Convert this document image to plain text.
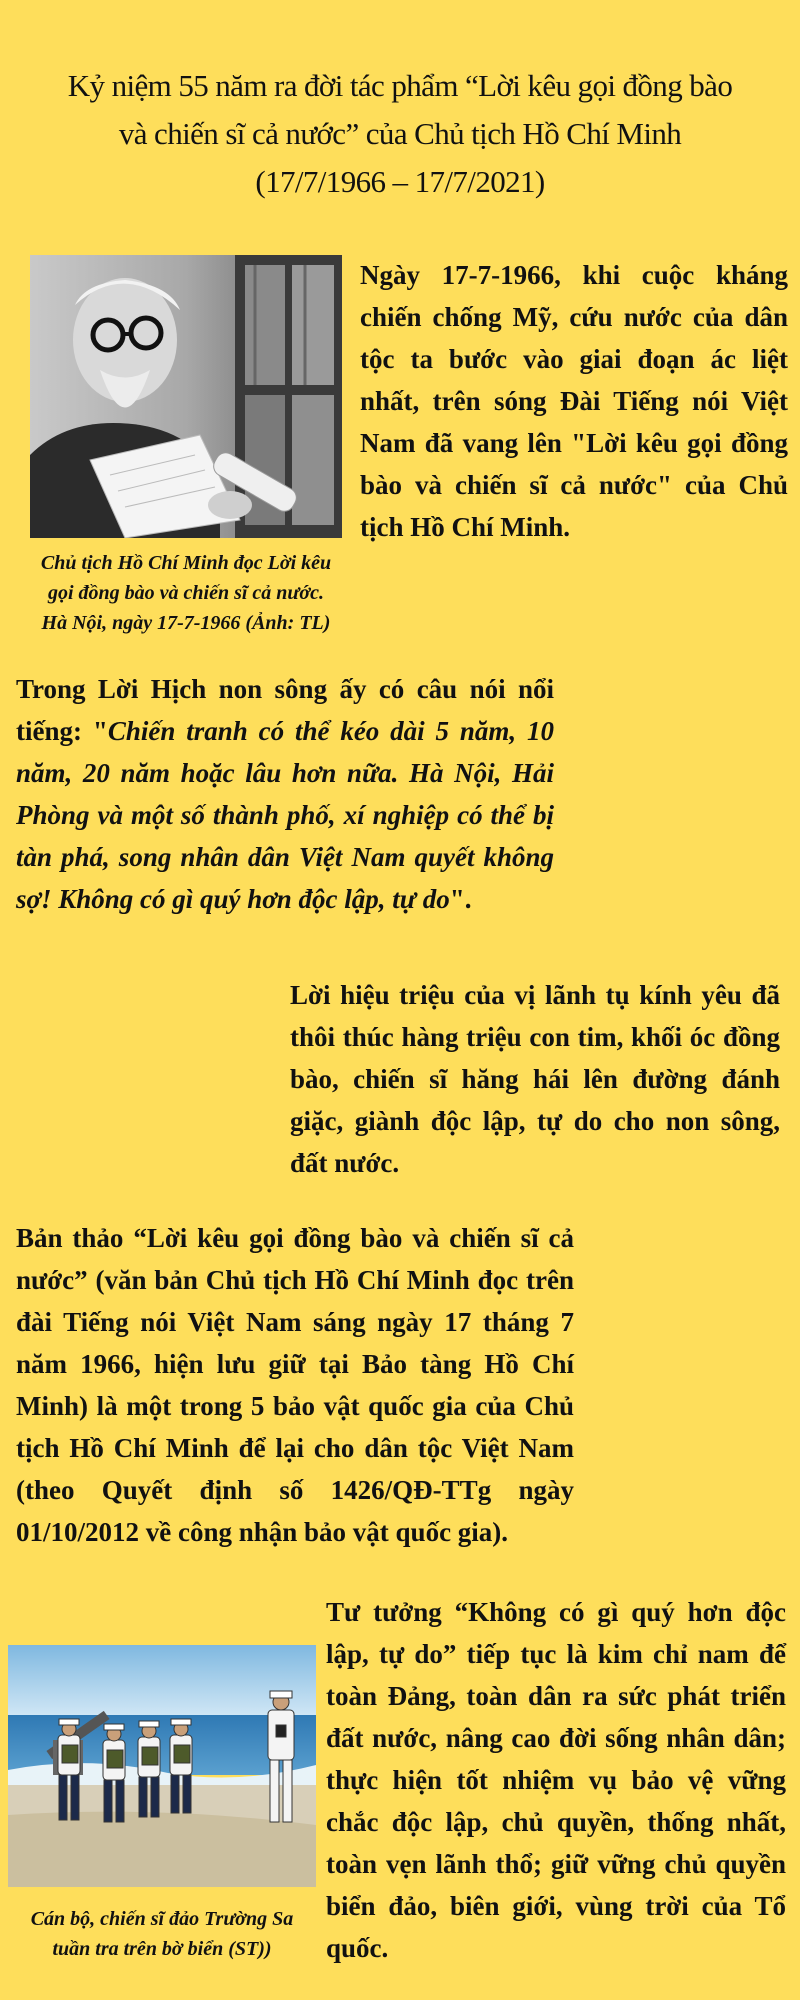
Kỷ niệm 55 năm ra đời tác phẩm “Lời kêu gọi đồng bào
và chiến sĩ cả nước” của Chủ tịch Hồ Chí Minh
(17/7/1966 – 17/7/2021)
Chủ tịch Hồ Chí Minh đọc Lời kêu
gọi đồng bào và chiến sĩ cả nước.
Hà Nội, ngày 17-7-1966 (Ảnh: TL)
Ngày 17-7-1966, khi cuộc kháng chiến chống Mỹ, cứu nước của dân tộc ta bước vào giai đoạn ác liệt nhất, trên sóng Đài Tiếng nói Việt Nam đã vang lên "Lời kêu gọi đồng bào và chiến sĩ cả nước" của Chủ tịch Hồ Chí Minh.
Trong Lời Hịch non sông ấy có câu nói nổi tiếng: "Chiến tranh có thể kéo dài 5 năm, 10 năm, 20 năm hoặc lâu hơn nữa. Hà Nội, Hải Phòng và một số thành phố, xí nghiệp có thể bị tàn phá, song nhân dân Việt Nam quyết không sợ! Không có gì quý hơn độc lập, tự do".
Lời hiệu triệu của vị lãnh tụ kính yêu đã thôi thúc hàng triệu con tim, khối óc đồng bào, chiến sĩ hăng hái lên đường đánh giặc, giành độc lập, tự do cho non sông, đất nước.
Bản thảo “Lời kêu gọi đồng bào và chiến sĩ cả nước” (văn bản Chủ tịch Hồ Chí Minh đọc trên đài Tiếng nói Việt Nam sáng ngày 17 tháng 7 năm 1966, hiện lưu giữ tại Bảo tàng Hồ Chí Minh) là một trong 5 bảo vật quốc gia của Chủ tịch Hồ Chí Minh để lại cho dân tộc Việt Nam (theo Quyết định số 1426/QĐ-TTg ngày 01/10/2012 về công nhận bảo vật quốc gia).
Cán bộ, chiến sĩ đảo Trường Sa
tuần tra trên bờ biển (ST))
Tư tưởng “Không có gì quý hơn độc lập, tự do” tiếp tục là kim chỉ nam để toàn Đảng, toàn dân ra sức phát triển đất nước, nâng cao đời sống nhân dân; thực hiện tốt nhiệm vụ bảo vệ vững chắc độc lập, chủ quyền, thống nhất, toàn vẹn lãnh thổ; giữ vững chủ quyền biển đảo, biên giới, vùng trời của Tổ quốc.
